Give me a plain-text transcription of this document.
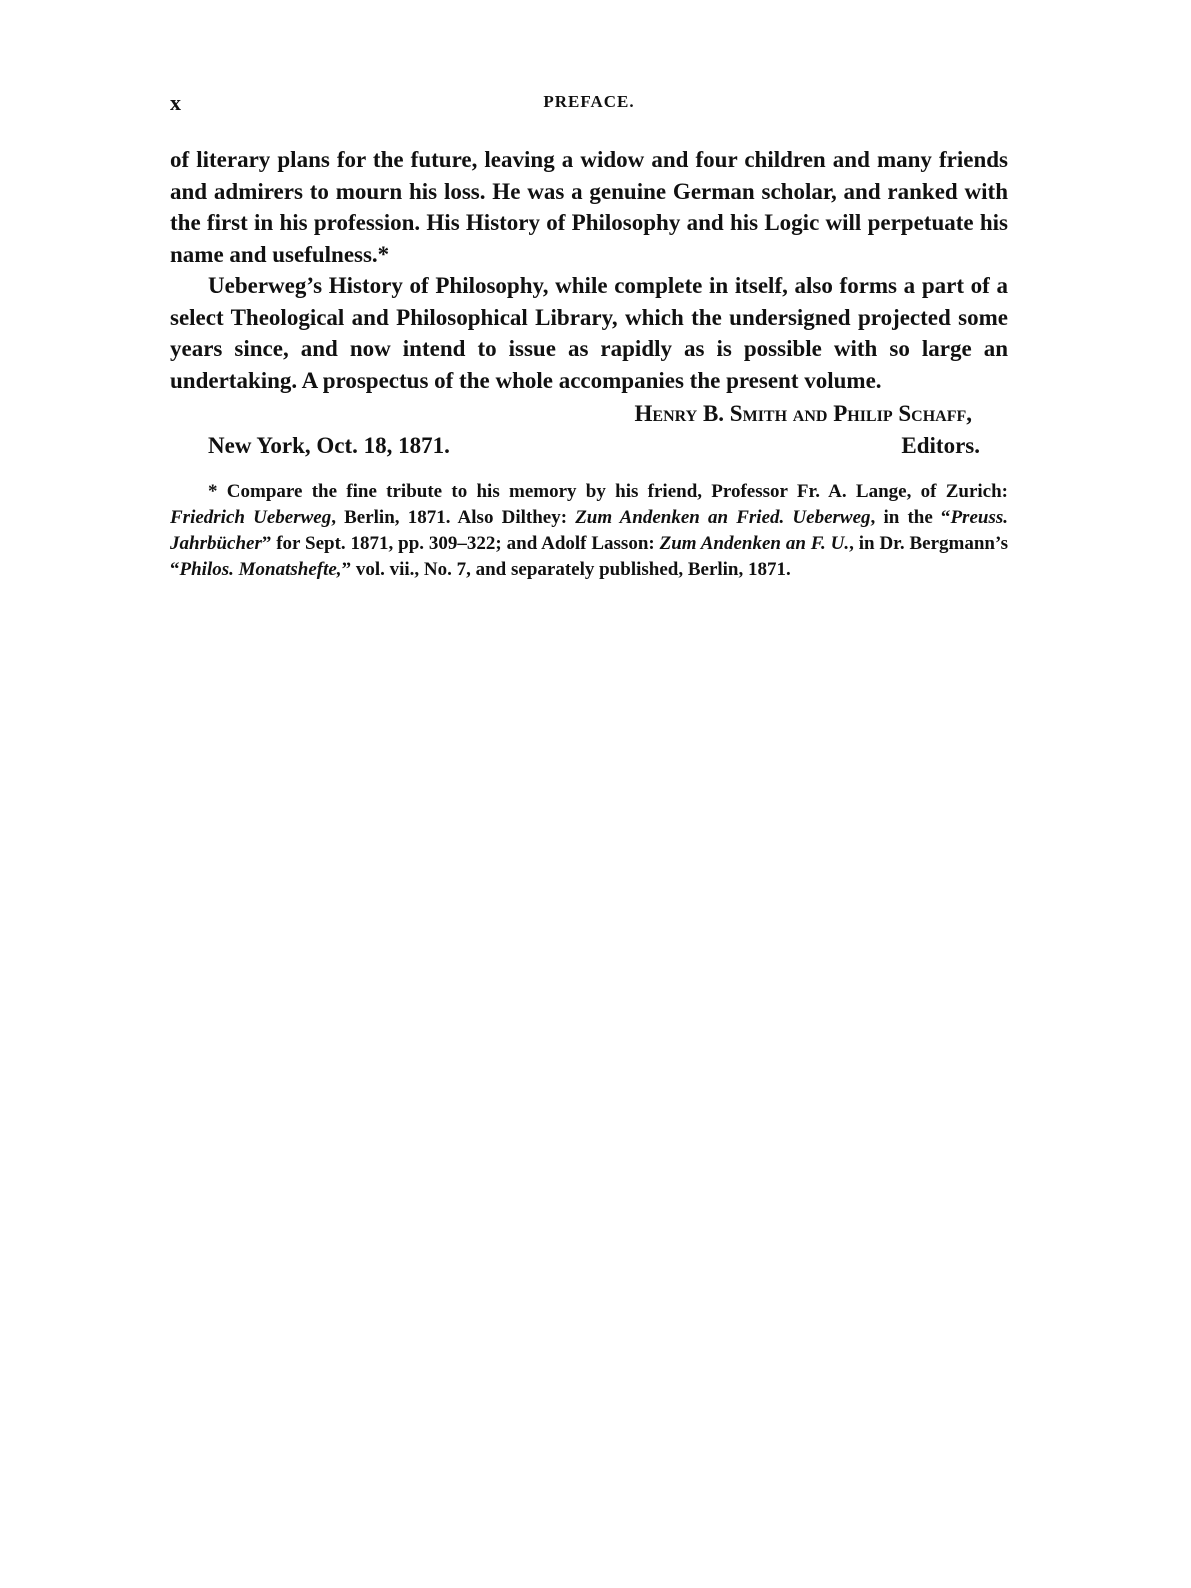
x	PREFACE.

of literary plans for the future, leaving a widow and four children and many friends and admirers to mourn his loss. He was a genuine German scholar, and ranked with the first in his profession. His History of Philosophy and his Logic will perpetuate his name and usefulness.*

Ueberweg’s History of Philosophy, while complete in itself, also forms a part of a select Theological and Philosophical Library, which the undersigned projected some years since, and now intend to issue as rapidly as is possible with so large an undertaking. A prospectus of the whole accompanies the present volume.

Henry B. Smith and Philip Schaff,
New York, Oct. 18, 1871.	Editors.

* Compare the fine tribute to his memory by his friend, Professor Fr. A. Lange, of Zurich: Friedrich Ueberweg, Berlin, 1871. Also Dilthey: Zum Andenken an Fried. Ueberweg, in the “Preuss. Jahrbücher” for Sept. 1871, pp. 309–322; and Adolf Lasson: Zum Andenken an F. U., in Dr. Bergmann’s “Philos. Monatshefte,” vol. vii., No. 7, and separately published, Berlin, 1871.
